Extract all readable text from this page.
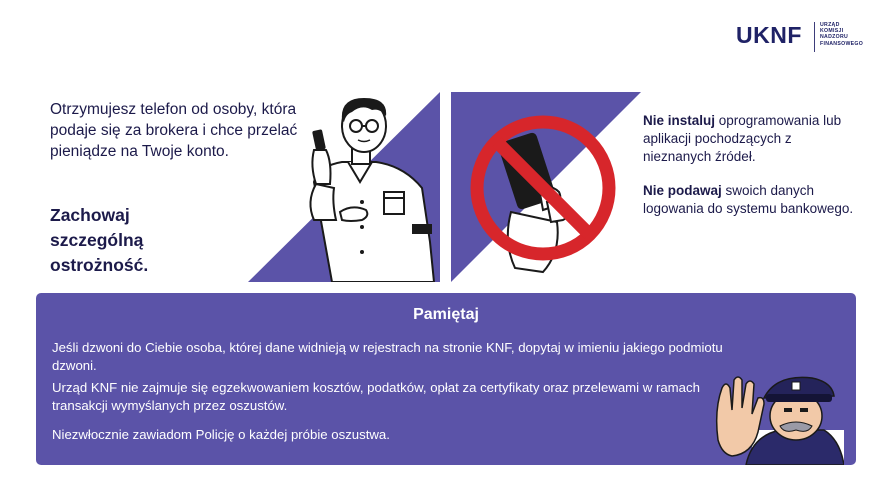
UKNF	URZĄD
KOMISJI
NADZORU
FINANSOWEGO
Otrzymujesz telefon od osoby, która podaje się za brokera i chce przelać pieniądze na Twoje konto.
Zachowaj szczególną ostrożność.
Nie instaluj oprogramowania lub aplikacji pochodzących z nieznanych źródeł.
Nie podawaj swoich danych logowania do systemu bankowego.
Pamiętaj
Jeśli dzwoni do Ciebie osoba, której dane widnieją w rejestrach na stronie KNF, dopytaj w imieniu jakiego podmiotu dzwoni.
Urząd KNF nie zajmuje się egzekwowaniem kosztów, podatków, opłat za certyfikaty oraz przelewami w ramach transakcji wymyślanych przez oszustów.
Niezwłocznie zawiadom Policję o każdej próbie oszustwa.
